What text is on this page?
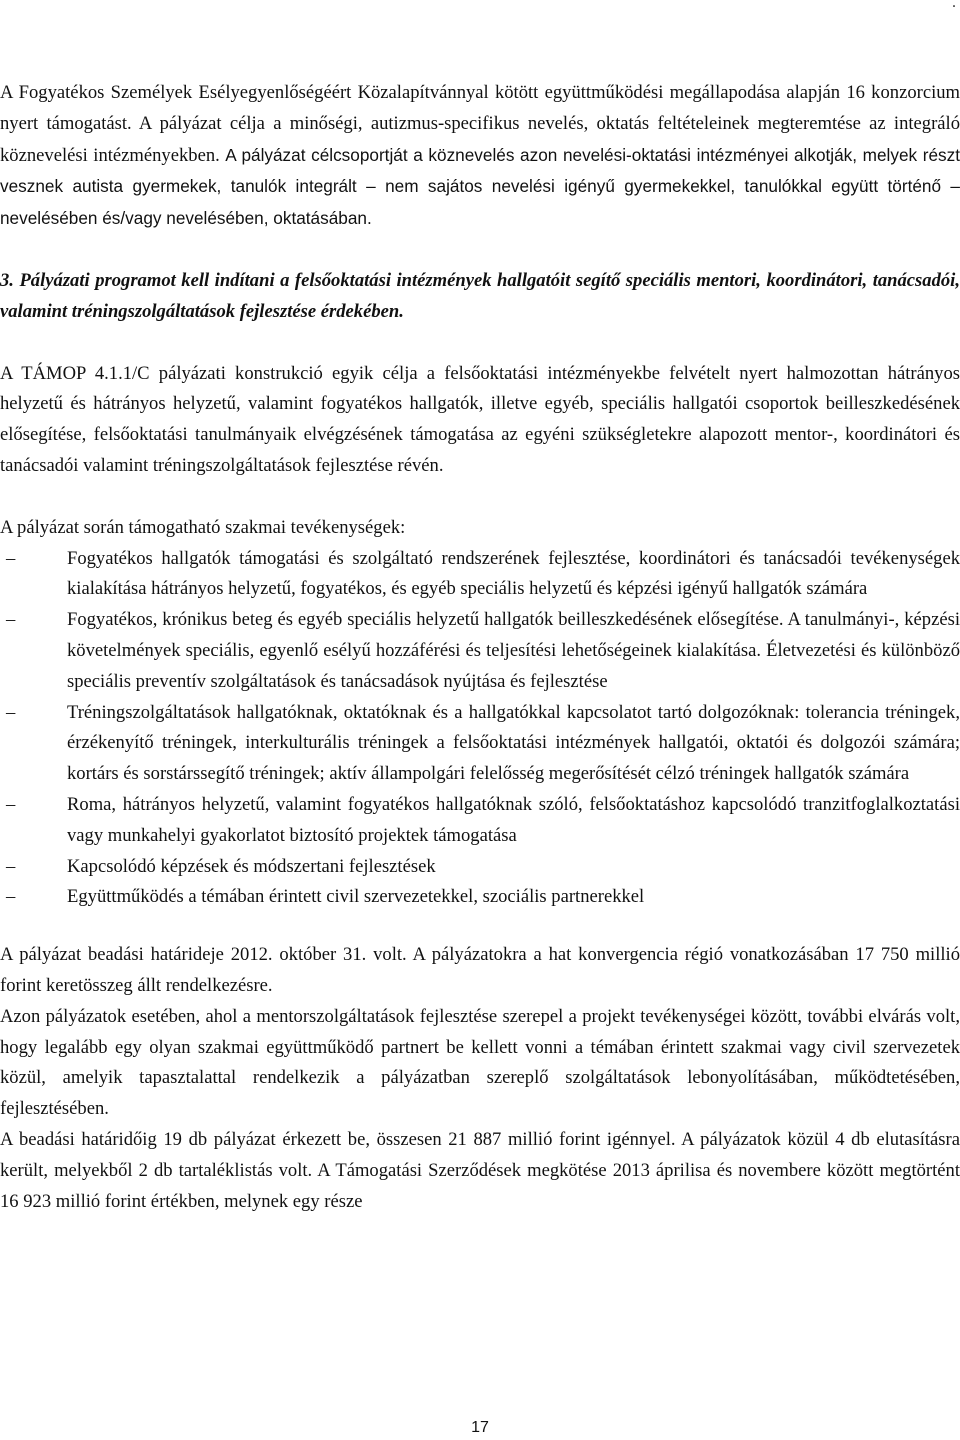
.

A Fogyatékos Személyek Esélyegyenlőségéért Közalapítvánnyal kötött együttműködési megállapodása alapján 16 konzorcium nyert támogatást. A pályázat célja a minőségi, autizmus-specifikus nevelés, oktatás feltételeinek megteremtése az integráló köznevelési intézményekben. A pályázat célcsoportját a köznevelés azon nevelési-oktatási intézményei alkotják, melyek részt vesznek autista gyermekek, tanulók integrált – nem sajátos nevelési igényű gyermekekkel, tanulókkal együtt történő – nevelésében és/vagy nevelésében, oktatásában.

3. Pályázati programot kell indítani a felsőoktatási intézmények hallgatóit segítő speciális mentori, koordinátori, tanácsadói, valamint tréningszolgáltatások fejlesztése érdekében.

A TÁMOP 4.1.1/C pályázati konstrukció egyik célja a felsőoktatási intézményekbe felvételt nyert halmozottan hátrányos helyzetű és hátrányos helyzetű, valamint fogyatékos hallgatók, illetve egyéb, speciális hallgatói csoportok beilleszkedésének elősegítése, felsőoktatási tanulmányaik elvégzésének támogatása az egyéni szükségletekre alapozott mentor-, koordinátori és tanácsadói valamint tréningszolgáltatások fejlesztése révén.

A pályázat során támogatható szakmai tevékenységek:

–	Fogyatékos hallgatók támogatási és szolgáltató rendszerének fejlesztése, koordinátori és tanácsadói tevékenységek kialakítása hátrányos helyzetű, fogyatékos, és egyéb speciális helyzetű és képzési igényű hallgatók számára
–	Fogyatékos, krónikus beteg és egyéb speciális helyzetű hallgatók beilleszkedésének elősegítése. A tanulmányi-, képzési követelmények speciális, egyenlő esélyű hozzáférési és teljesítési lehetőségeinek kialakítása. Életvezetési és különböző speciális preventív szolgáltatások és tanácsadások nyújtása és fejlesztése
–	Tréningszolgáltatások hallgatóknak, oktatóknak és a hallgatókkal kapcsolatot tartó dolgozóknak: tolerancia tréningek, érzékenyítő tréningek, interkulturális tréningek a felsőoktatási intézmények hallgatói, oktatói és dolgozói számára; kortárs és sorstárssegítő tréningek; aktív állampolgári felelősség megerősítését célzó tréningek hallgatók számára
–	Roma, hátrányos helyzetű, valamint fogyatékos hallgatóknak szóló, felsőoktatáshoz kapcsolódó tranzitfoglalkoztatási vagy munkahelyi gyakorlatot biztosító projektek támogatása
–	Kapcsolódó képzések és módszertani fejlesztések
–	Együttműködés a témában érintett civil szervezetekkel, szociális partnerekkel

A pályázat beadási határideje 2012. október 31. volt. A pályázatokra a hat konvergencia régió vonatkozásában 17 750 millió forint keretösszeg állt rendelkezésre.

Azon pályázatok esetében, ahol a mentorszolgáltatások fejlesztése szerepel a projekt tevékenységei között, további elvárás volt, hogy legalább egy olyan szakmai együttműködő partnert be kellett vonni a témában érintett szakmai vagy civil szervezetek közül, amelyik tapasztalattal rendelkezik a pályázatban szereplő szolgáltatások lebonyolításában, működtetésében, fejlesztésében.

A beadási határidőig 19 db pályázat érkezett be, összesen 21 887 millió forint igénnyel. A pályázatok közül 4 db elutasításra került, melyekből 2 db tartaléklistás volt. A Támogatási Szerződések megkötése 2013 áprilisa és novembere között megtörtént 16 923 millió forint értékben, melynek egy része

17
